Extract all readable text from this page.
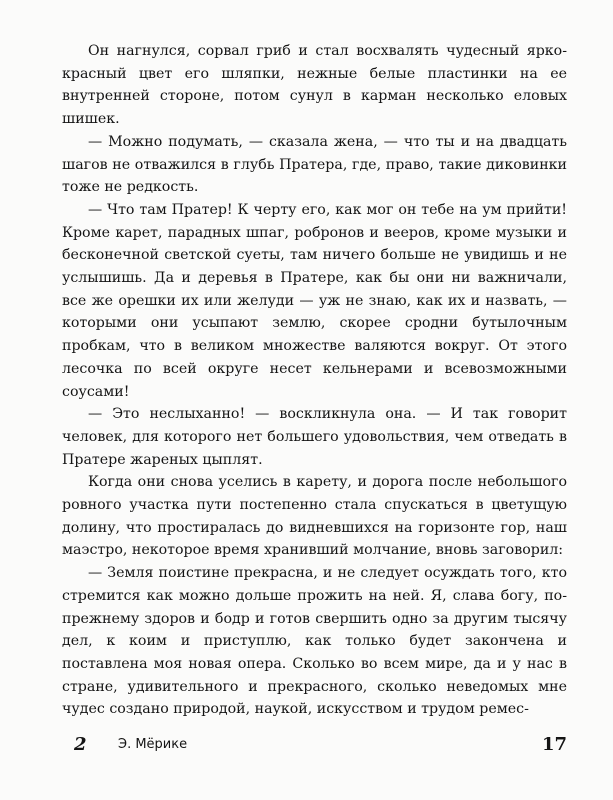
Он нагнулся, сорвал гриб и стал восхвалять чудесный ярко-красный цвет его шляпки, нежные белые пластинки на ее внутренней стороне, потом сунул в карман несколько еловых шишек.

— Можно подумать, — сказала жена, — что ты и на двадцать шагов не отважился в глубь Пратера, где, право, такие диковинки тоже не редкость.

— Что там Пратер! К черту его, как мог он тебе на ум прийти! Кроме карет, парадных шпаг, робронов и вееров, кроме музыки и бесконечной светской суеты, там ничего больше не увидишь и не услышишь. Да и деревья в Пратере, как бы они ни важничали, все же орешки их или желуди — уж не знаю, как их и назвать, — которыми они усыпают землю, скорее сродни бутылочным пробкам, что в великом множестве валяются вокруг. От этого лесочка по всей округе несет кельнерами и всевозможными соусами!

— Это неслыханно! — воскликнула она. — И так говорит человек, для которого нет большего удовольствия, чем отведать в Пратере жареных цыплят.

Когда они снова уселись в карету, и дорога после небольшого ровного участка пути постепенно стала спускаться в цветущую долину, что простиралась до видневшихся на горизонте гор, наш маэстро, некоторое время хранивший молчание, вновь заговорил:

— Земля поистине прекрасна, и не следует осуждать того, кто стремится как можно дольше прожить на ней. Я, слава богу, по-прежнему здоров и бодр и готов свершить одно за другим тысячу дел, к коим и приступлю, как только будет закончена и поставлена моя новая опера. Сколько во всем мире, да и у нас в стране, удивительного и прекрасного, сколько неведомых мне чудес создано природой, наукой, искусством и трудом ремес-

2 Э. Мёрике	17
